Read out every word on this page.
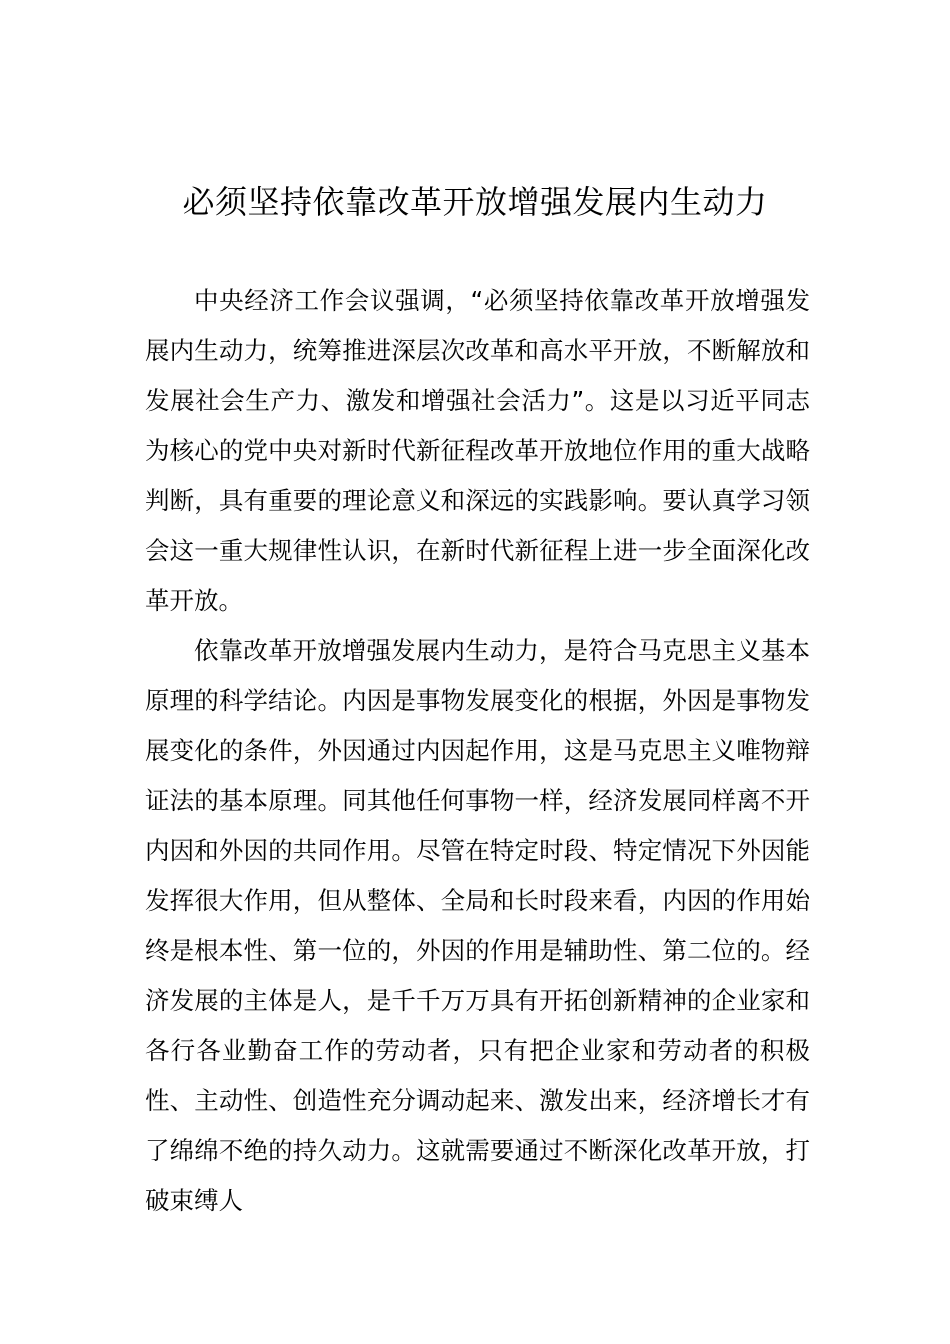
必须坚持依靠改革开放增强发展内生动力

中央经济工作会议强调，“必须坚持依靠改革开放增强发展内生动力，统筹推进深层次改革和高水平开放，不断解放和发展社会生产力、激发和增强社会活力”。这是以习近平同志为核心的党中央对新时代新征程改革开放地位作用的重大战略判断，具有重要的理论意义和深远的实践影响。要认真学习领会这一重大规律性认识，在新时代新征程上进一步全面深化改革开放。

依靠改革开放增强发展内生动力，是符合马克思主义基本原理的科学结论。内因是事物发展变化的根据，外因是事物发展变化的条件，外因通过内因起作用，这是马克思主义唯物辩证法的基本原理。同其他任何事物一样，经济发展同样离不开内因和外因的共同作用。尽管在特定时段、特定情况下外因能发挥很大作用，但从整体、全局和长时段来看，内因的作用始终是根本性、第一位的，外因的作用是辅助性、第二位的。经济发展的主体是人，是千千万万具有开拓创新精神的企业家和各行各业勤奋工作的劳动者，只有把企业家和劳动者的积极性、主动性、创造性充分调动起来、激发出来，经济增长才有了绵绵不绝的持久动力。这就需要通过不断深化改革开放，打破束缚人
